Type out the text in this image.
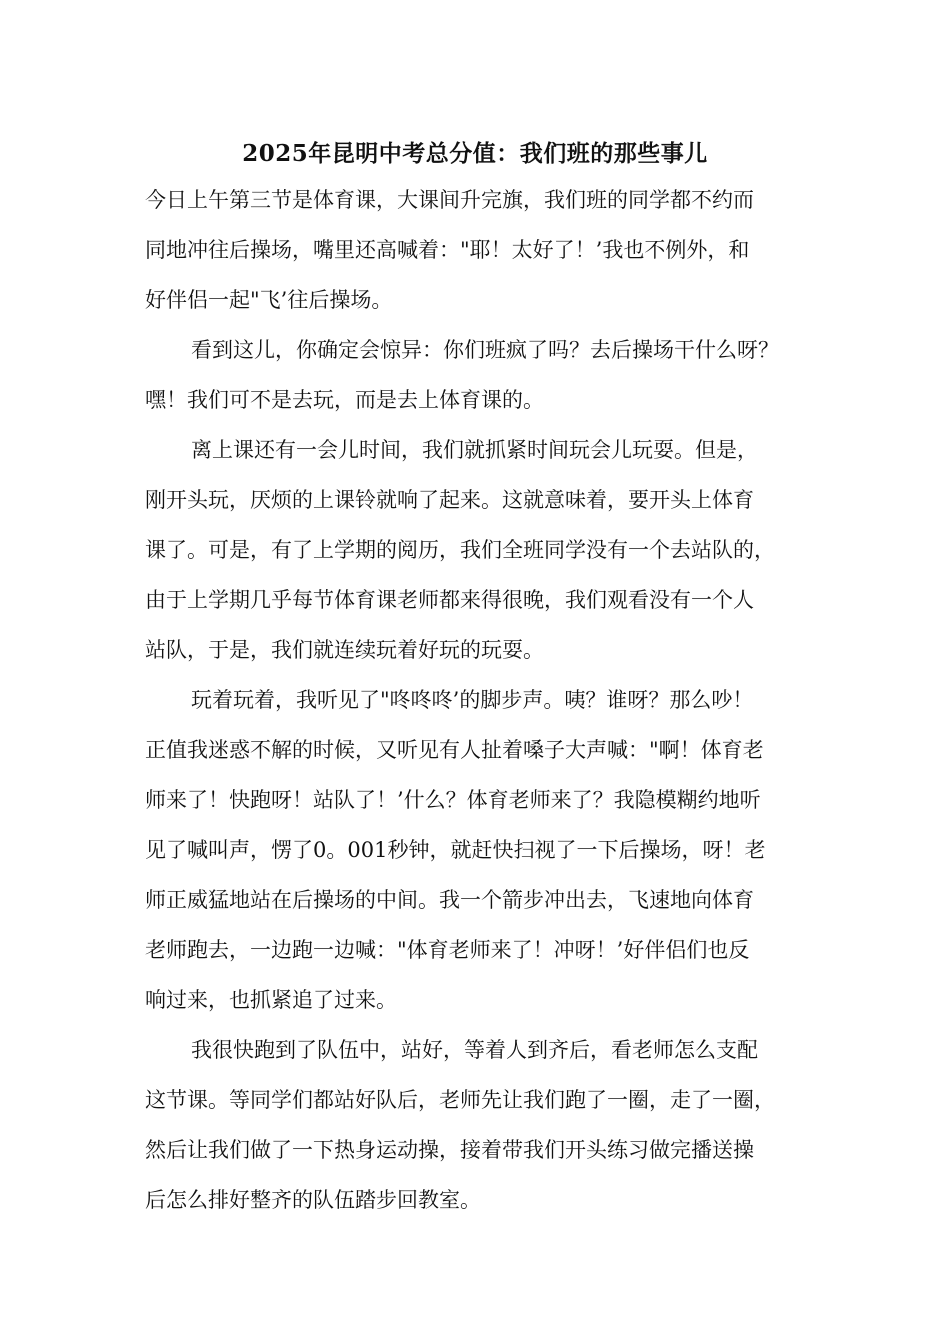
2025年昆明中考总分值：我们班的那些事儿
今日上午第三节是体育课，大课间升完旗，我们班的同学都不约而
同地冲往后操场，嘴里还高喊着："耶！太好了！’我也不例外，和
好伴侣一起"飞’往后操场。
看到这儿，你确定会惊异：你们班疯了吗？去后操场干什么呀？
嘿！我们可不是去玩，而是去上体育课的。
离上课还有一会儿时间，我们就抓紧时间玩会儿玩耍。但是，
刚开头玩，厌烦的上课铃就响了起来。这就意味着，要开头上体育
课了。可是，有了上学期的阅历，我们全班同学没有一个去站队的，
由于上学期几乎每节体育课老师都来得很晚，我们观看没有一个人
站队，于是，我们就连续玩着好玩的玩耍。
玩着玩着，我听见了"咚咚咚’的脚步声。咦？谁呀？那么吵！
正值我迷惑不解的时候，又听见有人扯着嗓子大声喊："啊！体育老
师来了！快跑呀！站队了！’什么？体育老师来了？我隐模糊约地听
见了喊叫声，愣了0。001秒钟，就赶快扫视了一下后操场，呀！老
师正威猛地站在后操场的中间。我一个箭步冲出去，飞速地向体育
老师跑去，一边跑一边喊："体育老师来了！冲呀！’好伴侣们也反
响过来，也抓紧追了过来。
我很快跑到了队伍中，站好，等着人到齐后，看老师怎么支配
这节课。等同学们都站好队后，老师先让我们跑了一圈，走了一圈，
然后让我们做了一下热身运动操，接着带我们开头练习做完播送操
后怎么排好整齐的队伍踏步回教室。
